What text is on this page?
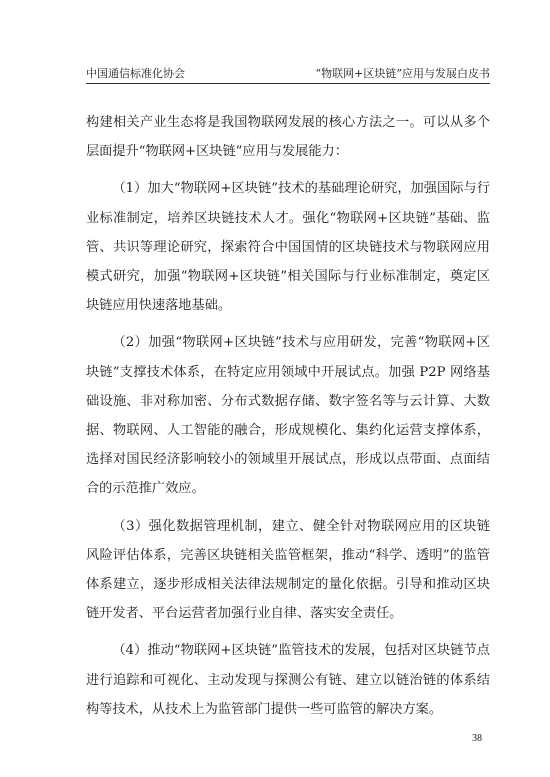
中国通信标准化协会	“物联网+区块链”应用与发展白皮书

构建相关产业生态将是我国物联网发展的核心方法之一。可以从多个层面提升“物联网+区块链”应用与发展能力：

（1）加大“物联网+区块链”技术的基础理论研究，加强国际与行业标准制定，培养区块链技术人才。强化“物联网+区块链”基础、监管、共识等理论研究，探索符合中国国情的区块链技术与物联网应用模式研究，加强“物联网+区块链”相关国际与行业标准制定，奠定区块链应用快速落地基础。

（2）加强“物联网+区块链”技术与应用研发，完善“物联网+区块链”支撑技术体系，在特定应用领域中开展试点。加强 P2P 网络基础设施、非对称加密、分布式数据存储、数字签名等与云计算、大数据、物联网、人工智能的融合，形成规模化、集约化运营支撑体系，选择对国民经济影响较小的领域里开展试点，形成以点带面、点面结合的示范推广效应。

（3）强化数据管理机制，建立、健全针对物联网应用的区块链风险评估体系，完善区块链相关监管框架，推动“科学、透明”的监管体系建立，逐步形成相关法律法规制定的量化依据。引导和推动区块链开发者、平台运营者加强行业自律、落实安全责任。

（4）推动“物联网+区块链”监管技术的发展，包括对区块链节点进行追踪和可视化、主动发现与探测公有链、建立以链治链的体系结构等技术，从技术上为监管部门提供一些可监管的解决方案。

38
